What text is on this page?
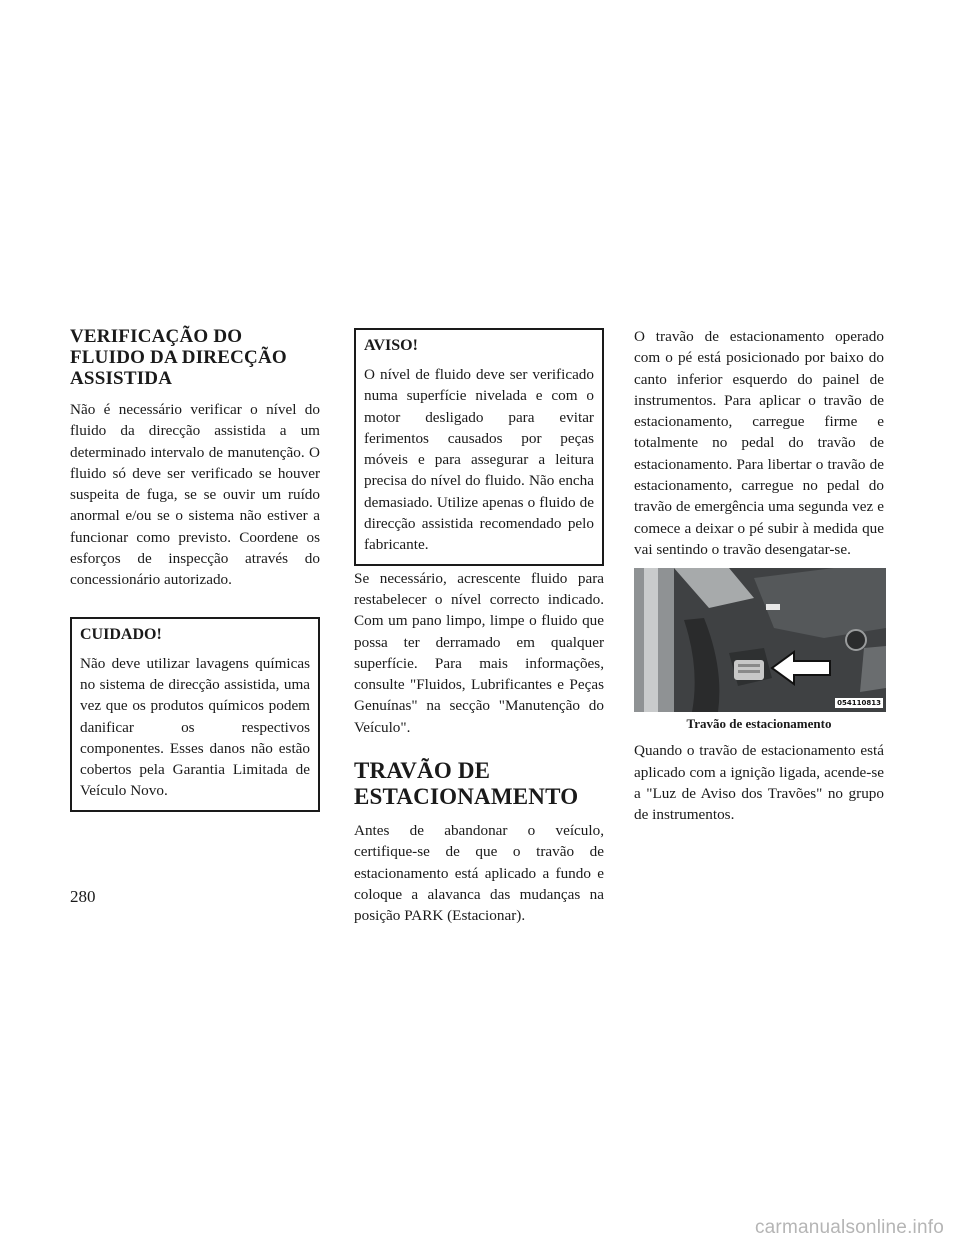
VERIFICAÇÃO DO FLUIDO DA DIRECÇÃO ASSISTIDA

Não é necessário verificar o nível do fluido da direcção assistida a um determinado intervalo de manutenção. O fluido só deve ser verificado se houver suspeita de fuga, se se ouvir um ruído anormal e/ou se o sistema não estiver a funcionar como previsto. Coordene os esforços de inspecção através do concessionário autorizado.

CUIDADO!

Não deve utilizar lavagens químicas no sistema de direcção assistida, uma vez que os produtos químicos podem danificar os respectivos componentes. Esses danos não estão cobertos pela Garantia Limitada de Veículo Novo.

AVISO!

O nível de fluido deve ser verificado numa superfície nivelada e com o motor desligado para evitar ferimentos causados por peças móveis e para assegurar a leitura precisa do nível do fluido. Não encha demasiado. Utilize apenas o fluido de direcção assistida recomendado pelo fabricante.

Se necessário, acrescente fluido para restabelecer o nível correcto indicado. Com um pano limpo, limpe o fluido que possa ter derramado em qualquer superfície. Para mais informações, consulte "Fluidos, Lubrificantes e Peças Genuínas" na secção "Manutenção do Veículo".

TRAVÃO DE ESTACIONAMENTO

Antes de abandonar o veículo, certifique-se de que o travão de estacionamento está aplicado a fundo e coloque a alavanca das mudanças na posição PARK (Estacionar).

O travão de estacionamento operado com o pé está posicionado por baixo do canto inferior esquerdo do painel de instrumentos. Para aplicar o travão de estacionamento, carregue firme e totalmente no pedal do travão de estacionamento. Para libertar o travão de estacionamento, carregue no pedal do travão de emergência uma segunda vez e comece a deixar o pé subir à medida que vai sentindo o travão desengatar-se.

054110813
Travão de estacionamento

Quando o travão de estacionamento está aplicado com a ignição ligada, acende-se a "Luz de Aviso dos Travões" no grupo de instrumentos.

280
carmanualsonline.info
